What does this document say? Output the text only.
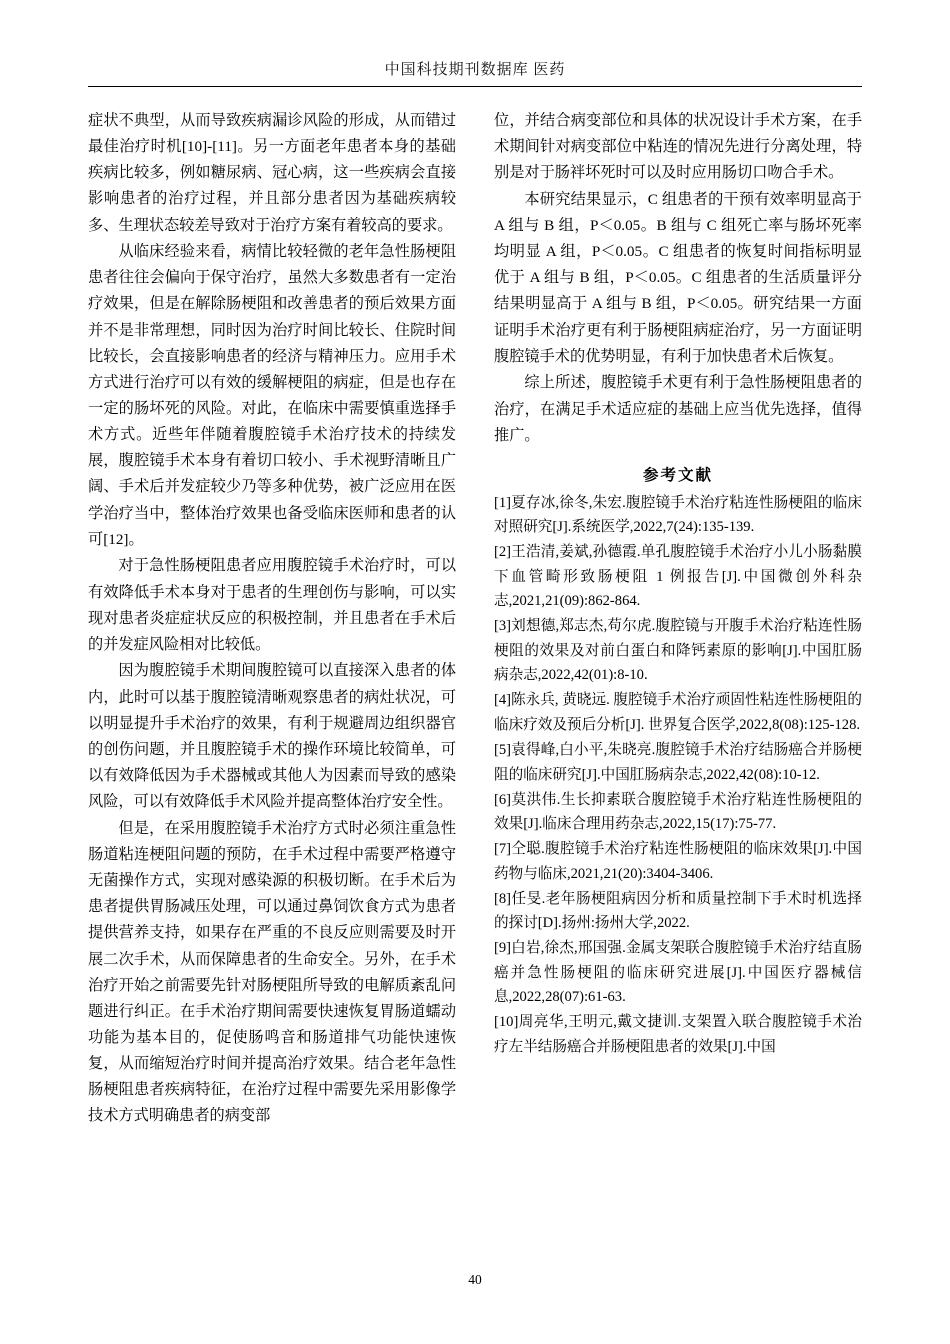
中国科技期刊数据库 医药

症状不典型，从而导致疾病漏诊风险的形成，从而错过最佳治疗时机[10]-[11]。另一方面老年患者本身的基础疾病比较多，例如糖尿病、冠心病，这一些疾病会直接影响患者的治疗过程，并且部分患者因为基础疾病较多、生理状态较差导致对于治疗方案有着较高的要求。

从临床经验来看，病情比较轻微的老年急性肠梗阻患者往往会偏向于保守治疗，虽然大多数患者有一定治疗效果，但是在解除肠梗阻和改善患者的预后效果方面并不是非常理想，同时因为治疗时间比较长、住院时间比较长，会直接影响患者的经济与精神压力。应用手术方式进行治疗可以有效的缓解梗阻的病症，但是也存在一定的肠坏死的风险。对此，在临床中需要慎重选择手术方式。近些年伴随着腹腔镜手术治疗技术的持续发展，腹腔镜手术本身有着切口较小、手术视野清晰且广阔、手术后并发症较少乃等多种优势，被广泛应用在医学治疗当中，整体治疗效果也备受临床医师和患者的认可[12]。

对于急性肠梗阻患者应用腹腔镜手术治疗时，可以有效降低手术本身对于患者的生理创伤与影响，可以实现对患者炎症症状反应的积极控制，并且患者在手术后的并发症风险相对比较低。

因为腹腔镜手术期间腹腔镜可以直接深入患者的体内，此时可以基于腹腔镜清晰观察患者的病灶状况，可以明显提升手术治疗的效果，有利于规避周边组织器官的创伤问题，并且腹腔镜手术的操作环境比较简单，可以有效降低因为手术器械或其他人为因素而导致的感染风险，可以有效降低手术风险并提高整体治疗安全性。

但是，在采用腹腔镜手术治疗方式时必须注重急性肠道粘连梗阻问题的预防，在手术过程中需要严格遵守无菌操作方式，实现对感染源的积极切断。在手术后为患者提供胃肠减压处理，可以通过鼻饲饮食方式为患者提供营养支持，如果存在严重的不良反应则需要及时开展二次手术，从而保障患者的生命安全。另外，在手术治疗开始之前需要先针对肠梗阻所导致的电解质紊乱问题进行纠正。在手术治疗期间需要快速恢复胃肠道蠕动功能为基本目的，促使肠鸣音和肠道排气功能快速恢复，从而缩短治疗时间并提高治疗效果。结合老年急性肠梗阻患者疾病特征，在治疗过程中需要先采用影像学技术方式明确患者的病变部

位，并结合病变部位和具体的状况设计手术方案，在手术期间针对病变部位中粘连的情况先进行分离处理，特别是对于肠袢坏死时可以及时应用肠切口吻合手术。

本研究结果显示，C 组患者的干预有效率明显高于 A 组与 B 组，P＜0.05。B 组与 C 组死亡率与肠坏死率均明显 A 组，P＜0.05。C 组患者的恢复时间指标明显优于 A 组与 B 组，P＜0.05。C 组患者的生活质量评分结果明显高于 A 组与 B 组，P＜0.05。研究结果一方面证明手术治疗更有利于肠梗阻病症治疗，另一方面证明腹腔镜手术的优势明显，有利于加快患者术后恢复。

综上所述，腹腔镜手术更有利于急性肠梗阻患者的治疗，在满足手术适应症的基础上应当优先选择，值得推广。

参考文献

[1]夏存冰,徐冬,朱宏.腹腔镜手术治疗粘连性肠梗阻的临床对照研究[J].系统医学,2022,7(24):135-139.

[2]王浩清,姜斌,孙德霞.单孔腹腔镜手术治疗小儿小肠黏膜下血管畸形致肠梗阻 1 例报告[J].中国微创外科杂志,2021,21(09):862-864.

[3]刘想德,郑志杰,苟尔虎.腹腔镜与开腹手术治疗粘连性肠梗阻的效果及对前白蛋白和降钙素原的影响[J].中国肛肠病杂志,2022,42(01):8-10.

[4]陈永兵, 黄晓远. 腹腔镜手术治疗顽固性粘连性肠梗阻的临床疗效及预后分析[J]. 世界复合医学,2022,8(08):125-128.

[5]袁得峰,白小平,朱晓亮.腹腔镜手术治疗结肠癌合并肠梗阻的临床研究[J].中国肛肠病杂志,2022,42(08):10-12.

[6]莫洪伟.生长抑素联合腹腔镜手术治疗粘连性肠梗阻的效果[J].临床合理用药杂志,2022,15(17):75-77.

[7]仝聪.腹腔镜手术治疗粘连性肠梗阻的临床效果[J].中国药物与临床,2021,21(20):3404-3406.

[8]任旻.老年肠梗阻病因分析和质量控制下手术时机选择的探讨[D].扬州:扬州大学,2022.

[9]白岩,徐杰,邢国强.金属支架联合腹腔镜手术治疗结直肠癌并急性肠梗阻的临床研究进展[J].中国医疗器械信息,2022,28(07):61-63.

[10]周亮华,王明元,戴文捷训.支架置入联合腹腔镜手术治疗左半结肠癌合并肠梗阻患者的效果[J].中国

40
